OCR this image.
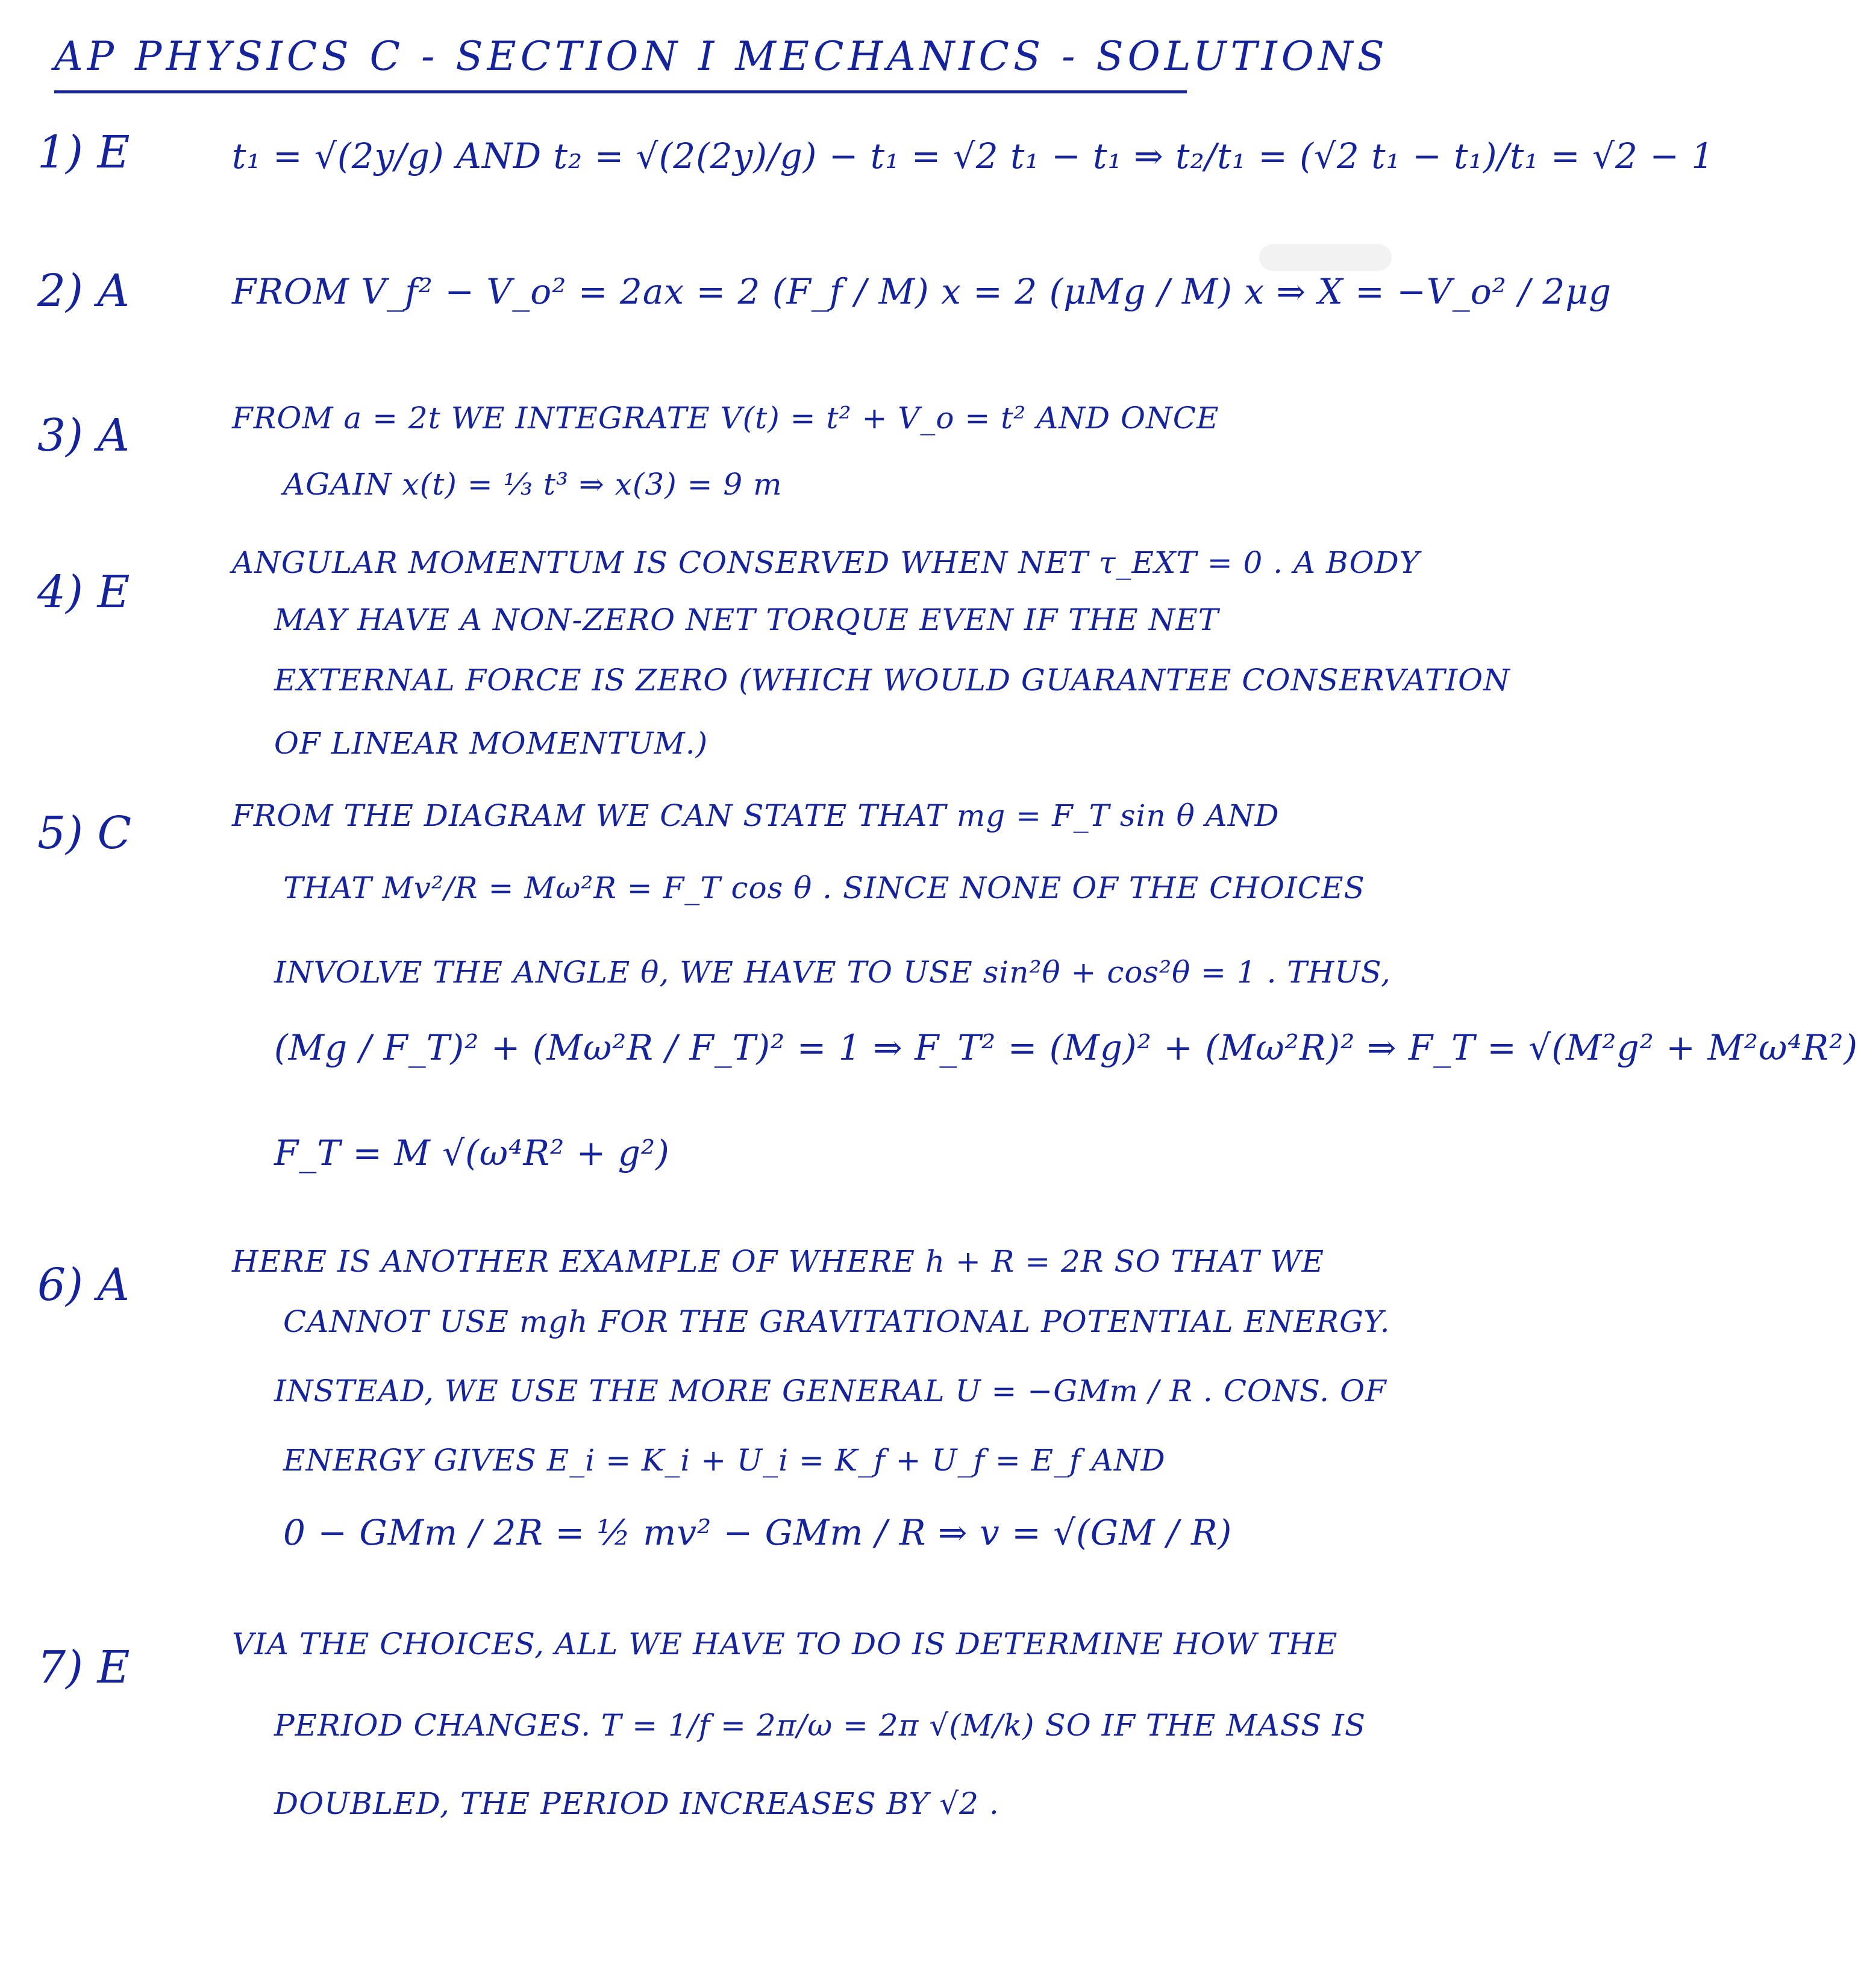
AP PHYSICS C - SECTION I MECHANICS - SOLUTIONS
1) E	t₁ = √(2y/g) AND t₂ = √(2(2y)/g) − t₁ = √2 t₁ − t₁ ⇒ t₂/t₁ = (√2 t₁ − t₁)/t₁ = √2 − 1
2) A	FROM V_f² − V_o² = 2ax = 2 (F_f / M) x = 2 (μMg / M) x ⇒ X = −V_o² / 2μg
3) A	FROM a = 2t WE INTEGRATE V(t) = t² + V_o = t² AND ONCE
AGAIN x(t) = ⅓ t³ ⇒ x(3) = 9 m
4) E
ANGULAR MOMENTUM IS CONSERVED WHEN NET τ_EXT = 0 . A BODY
MAY HAVE A NON-ZERO NET TORQUE EVEN IF THE NET
EXTERNAL FORCE IS ZERO (WHICH WOULD GUARANTEE CONSERVATION
OF LINEAR MOMENTUM.)
5) C	FROM THE DIAGRAM WE CAN STATE THAT mg = F_T sin θ AND
THAT Mv²/R = Mω²R = F_T cos θ . SINCE NONE OF THE CHOICES
INVOLVE THE ANGLE θ, WE HAVE TO USE sin²θ + cos²θ = 1 . THUS,
(Mg / F_T)² + (Mω²R / F_T)² = 1 ⇒ F_T² = (Mg)² + (Mω²R)² ⇒ F_T = √(M²g² + M²ω⁴R²)
F_T = M √(ω⁴R² + g²)
6) A	HERE IS ANOTHER EXAMPLE OF WHERE h + R = 2R SO THAT WE
CANNOT USE mgh FOR THE GRAVITATIONAL POTENTIAL ENERGY.
INSTEAD, WE USE THE MORE GENERAL U = −GMm / R . CONS. OF
ENERGY GIVES E_i = K_i + U_i = K_f + U_f = E_f AND
0 − GMm / 2R = ½ mv² − GMm / R ⇒ v = √(GM / R)
7) E	VIA THE CHOICES, ALL WE HAVE TO DO IS DETERMINE HOW THE
PERIOD CHANGES. T = 1/f = 2π/ω = 2π √(M/k) SO IF THE MASS IS
DOUBLED, THE PERIOD INCREASES BY √2 .
